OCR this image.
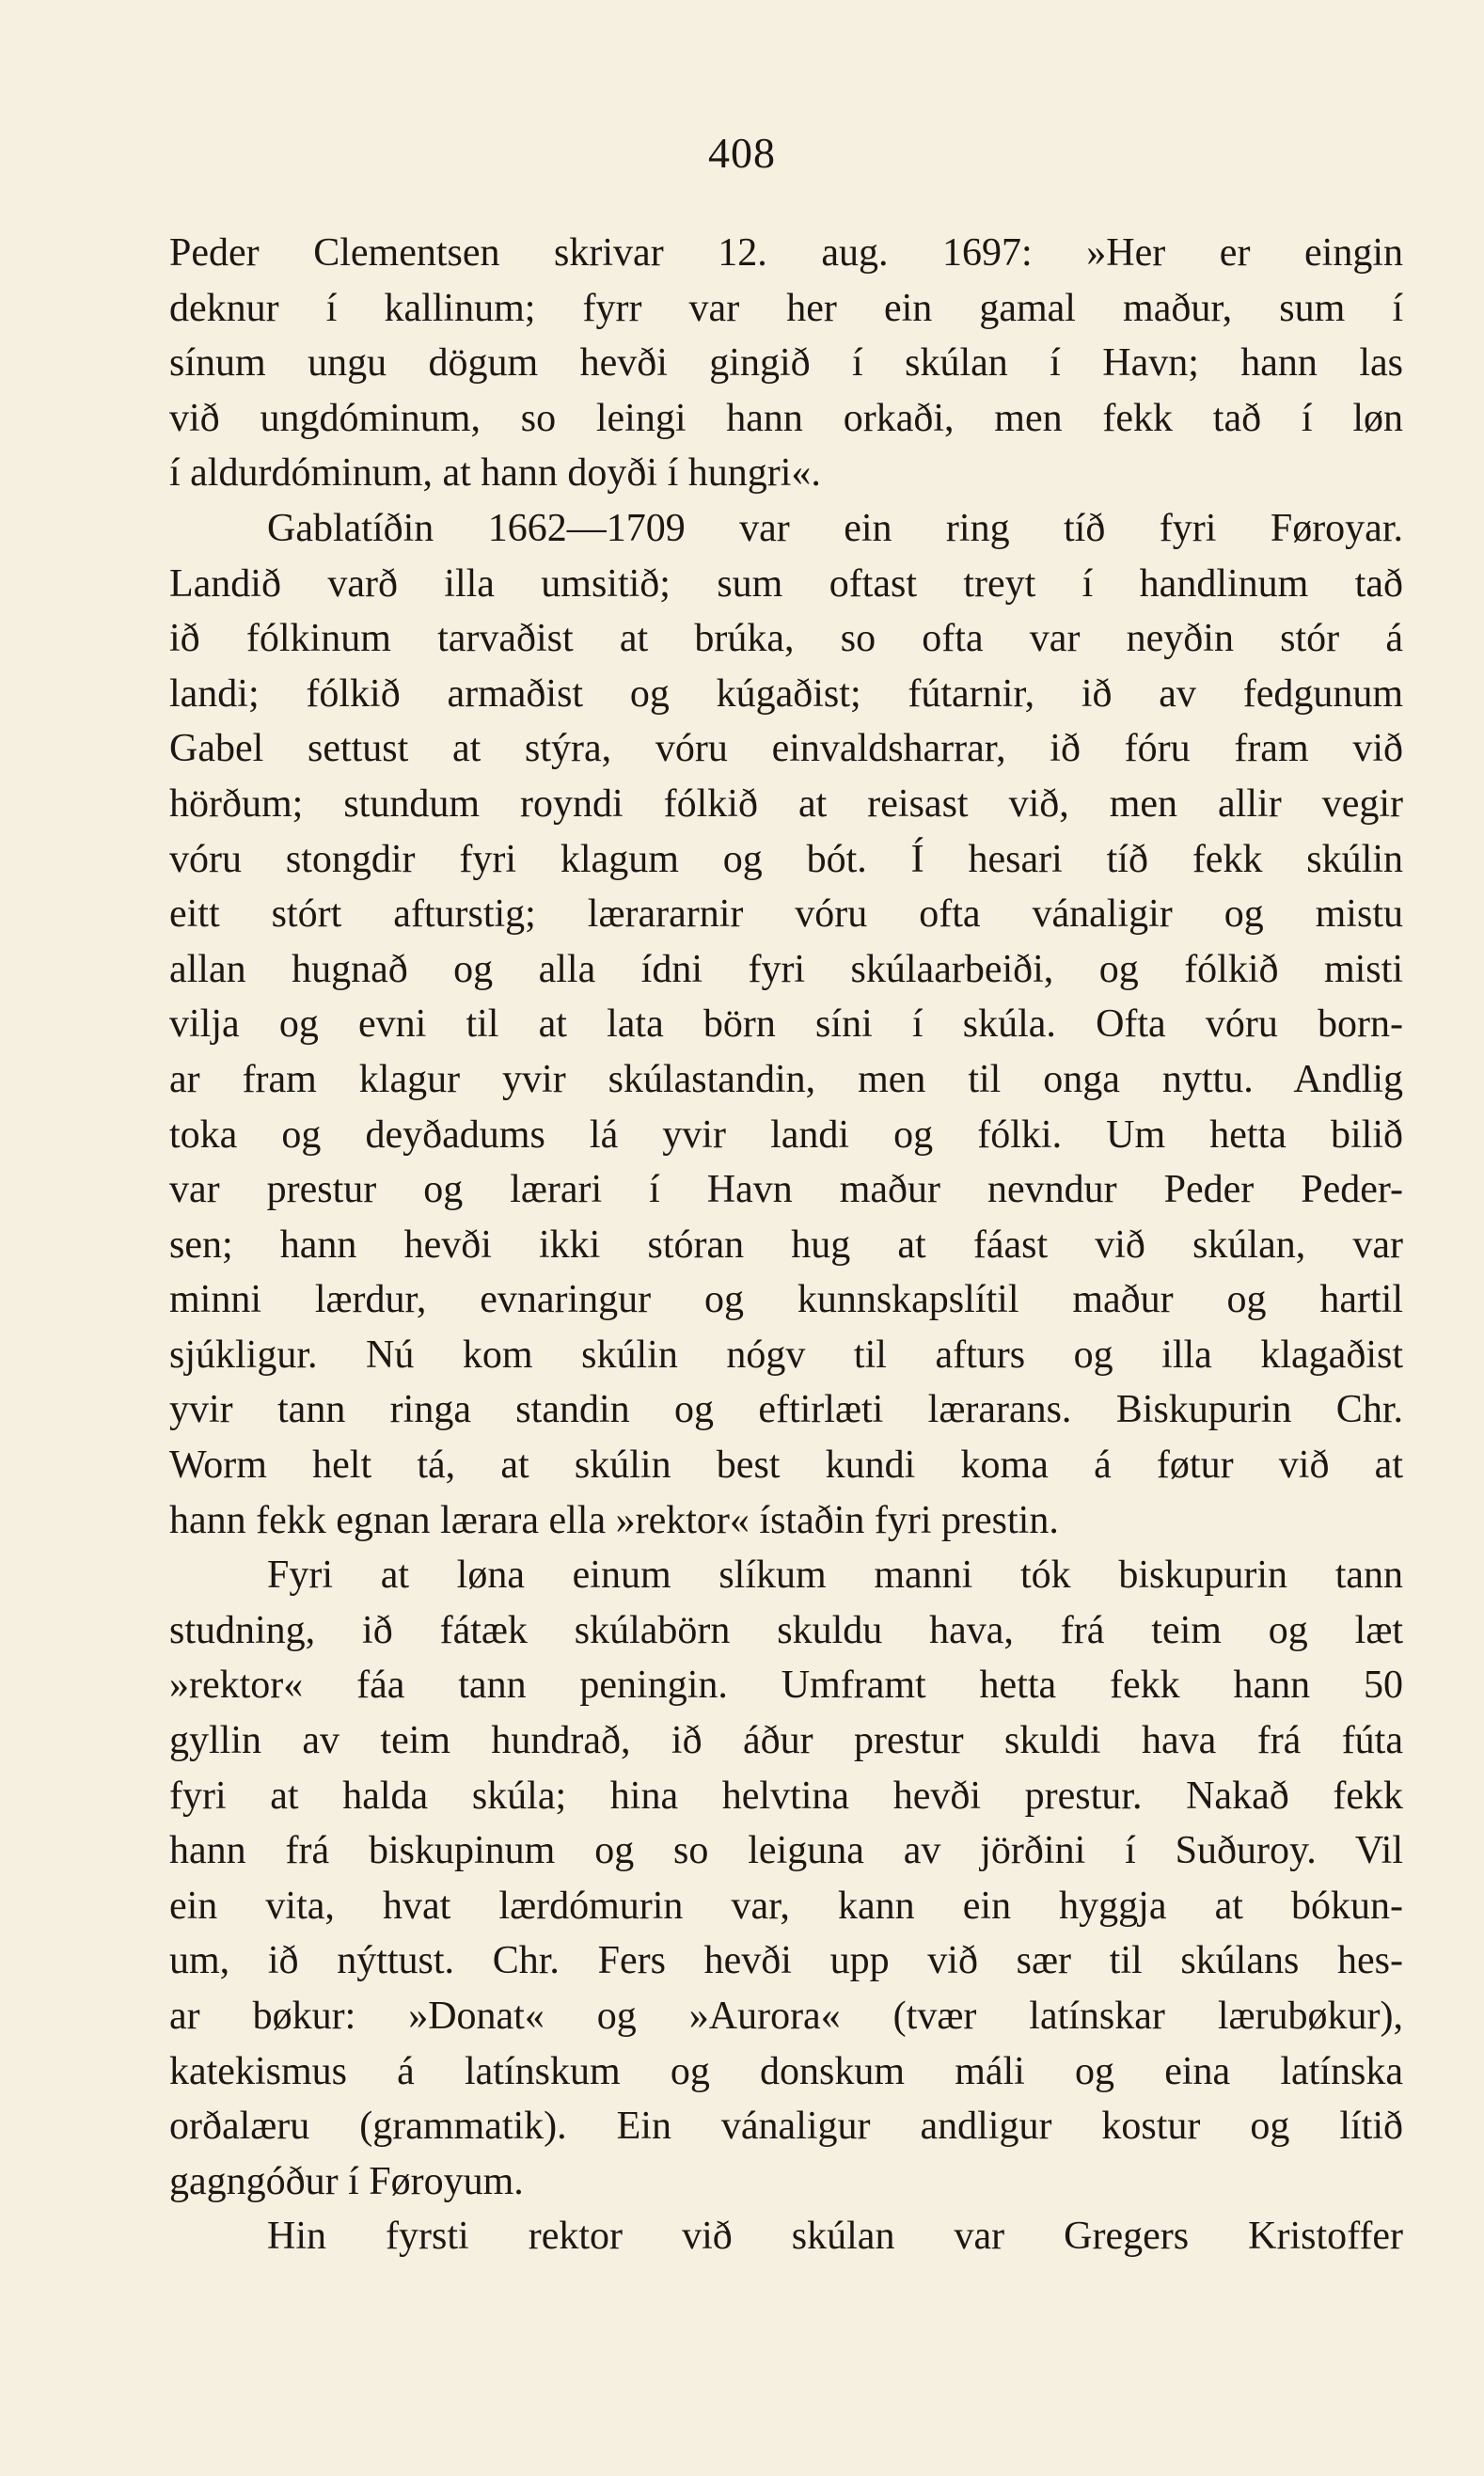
408
Peder Clementsen skrivar 12. aug. 1697: »Her er eingin
deknur í kallinum; fyrr var her ein gamal maður, sum í
sínum ungu dögum hevði gingið í skúlan í Havn; hann las
við ungdóminum, so leingi hann orkaði, men fekk tað í løn
í aldurdóminum, at hann doyði í hungri«.
Gablatíðin 1662—1709 var ein ring tíð fyri Føroyar.
Landið varð illa umsitið; sum oftast treyt í handlinum tað
ið fólkinum tarvaðist at brúka, so ofta var neyðin stór á
landi; fólkið armaðist og kúgaðist; fútarnir, ið av fedgunum
Gabel settust at stýra, vóru einvaldsharrar, ið fóru fram við
hörðum; stundum royndi fólkið at reisast við, men allir vegir
vóru stongdir fyri klagum og bót. Í hesari tíð fekk skúlin
eitt stórt afturstig; lærararnir vóru ofta vánaligir og mistu
allan hugnað og alla ídni fyri skúlaarbeiði, og fólkið misti
vilja og evni til at lata börn síni í skúla. Ofta vóru born-
ar fram klagur yvir skúlastandin, men til onga nyttu. Andlig
toka og deyðadums lá yvir landi og fólki. Um hetta bilið
var prestur og lærari í Havn maður nevndur Peder Peder-
sen; hann hevði ikki stóran hug at fáast við skúlan, var
minni lærdur, evnaringur og kunnskapslítil maður og hartil
sjúkligur. Nú kom skúlin nógv til afturs og illa klagaðist
yvir tann ringa standin og eftirlæti lærarans. Biskupurin Chr.
Worm helt tá, at skúlin best kundi koma á føtur við at
hann fekk egnan lærara ella »rektor« ístaðin fyri prestin.
Fyri at løna einum slíkum manni tók biskupurin tann
studning, ið fátæk skúlabörn skuldu hava, frá teim og læt
»rektor« fáa tann peningin. Umframt hetta fekk hann 50
gyllin av teim hundrað, ið áður prestur skuldi hava frá fúta
fyri at halda skúla; hina helvtina hevði prestur. Nakað fekk
hann frá biskupinum og so leiguna av jörðini í Suðuroy. Vil
ein vita, hvat lærdómurin var, kann ein hyggja at bókun-
um, ið nýttust. Chr. Fers hevði upp við sær til skúlans hes-
ar bøkur: »Donat« og »Aurora« (tvær latínskar lærubøkur),
katekismus á latínskum og donskum máli og eina latínska
orðalæru (grammatik). Ein vánaligur andligur kostur og lítið
gagngóður í Føroyum.
Hin fyrsti rektor við skúlan var Gregers Kristoffer
